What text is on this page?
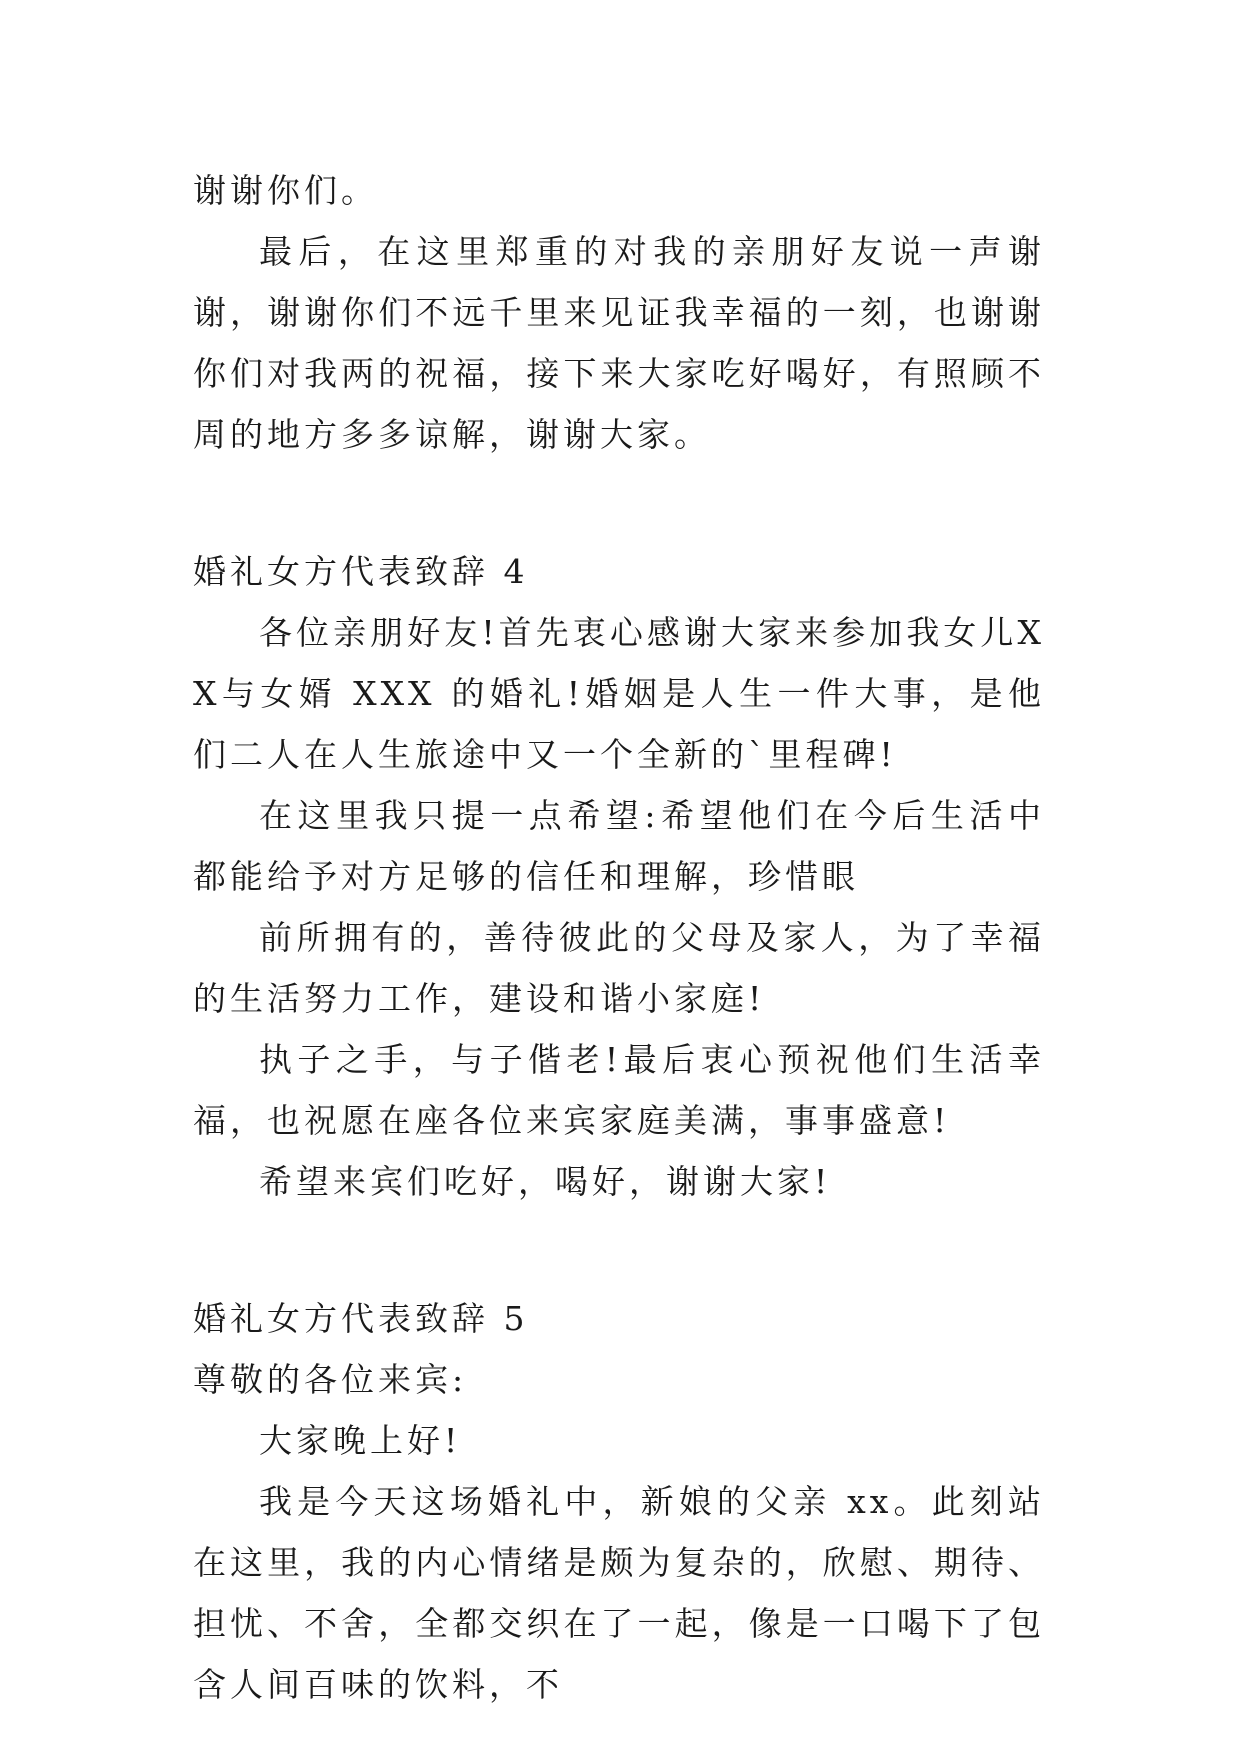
谢谢你们。

最后，在这里郑重的对我的亲朋好友说一声谢谢，谢谢你们不远千里来见证我幸福的一刻，也谢谢你们对我两的祝福，接下来大家吃好喝好，有照顾不周的地方多多谅解，谢谢大家。

婚礼女方代表致辞 4

各位亲朋好友!首先衷心感谢大家来参加我女儿XX与女婿 XXX 的婚礼!婚姻是人生一件大事，是他们二人在人生旅途中又一个全新的`里程碑!

在这里我只提一点希望:希望他们在今后生活中都能给予对方足够的信任和理解，珍惜眼

前所拥有的，善待彼此的父母及家人，为了幸福的生活努力工作，建设和谐小家庭!

执子之手，与子偕老!最后衷心预祝他们生活幸福，也祝愿在座各位来宾家庭美满，事事盛意!

希望来宾们吃好，喝好，谢谢大家!

婚礼女方代表致辞 5

尊敬的各位来宾:

大家晚上好!

我是今天这场婚礼中，新娘的父亲 xx。此刻站在这里，我的内心情绪是颇为复杂的，欣慰、期待、担忧、不舍，全都交织在了一起，像是一口喝下了包含人间百味的饮料，不
